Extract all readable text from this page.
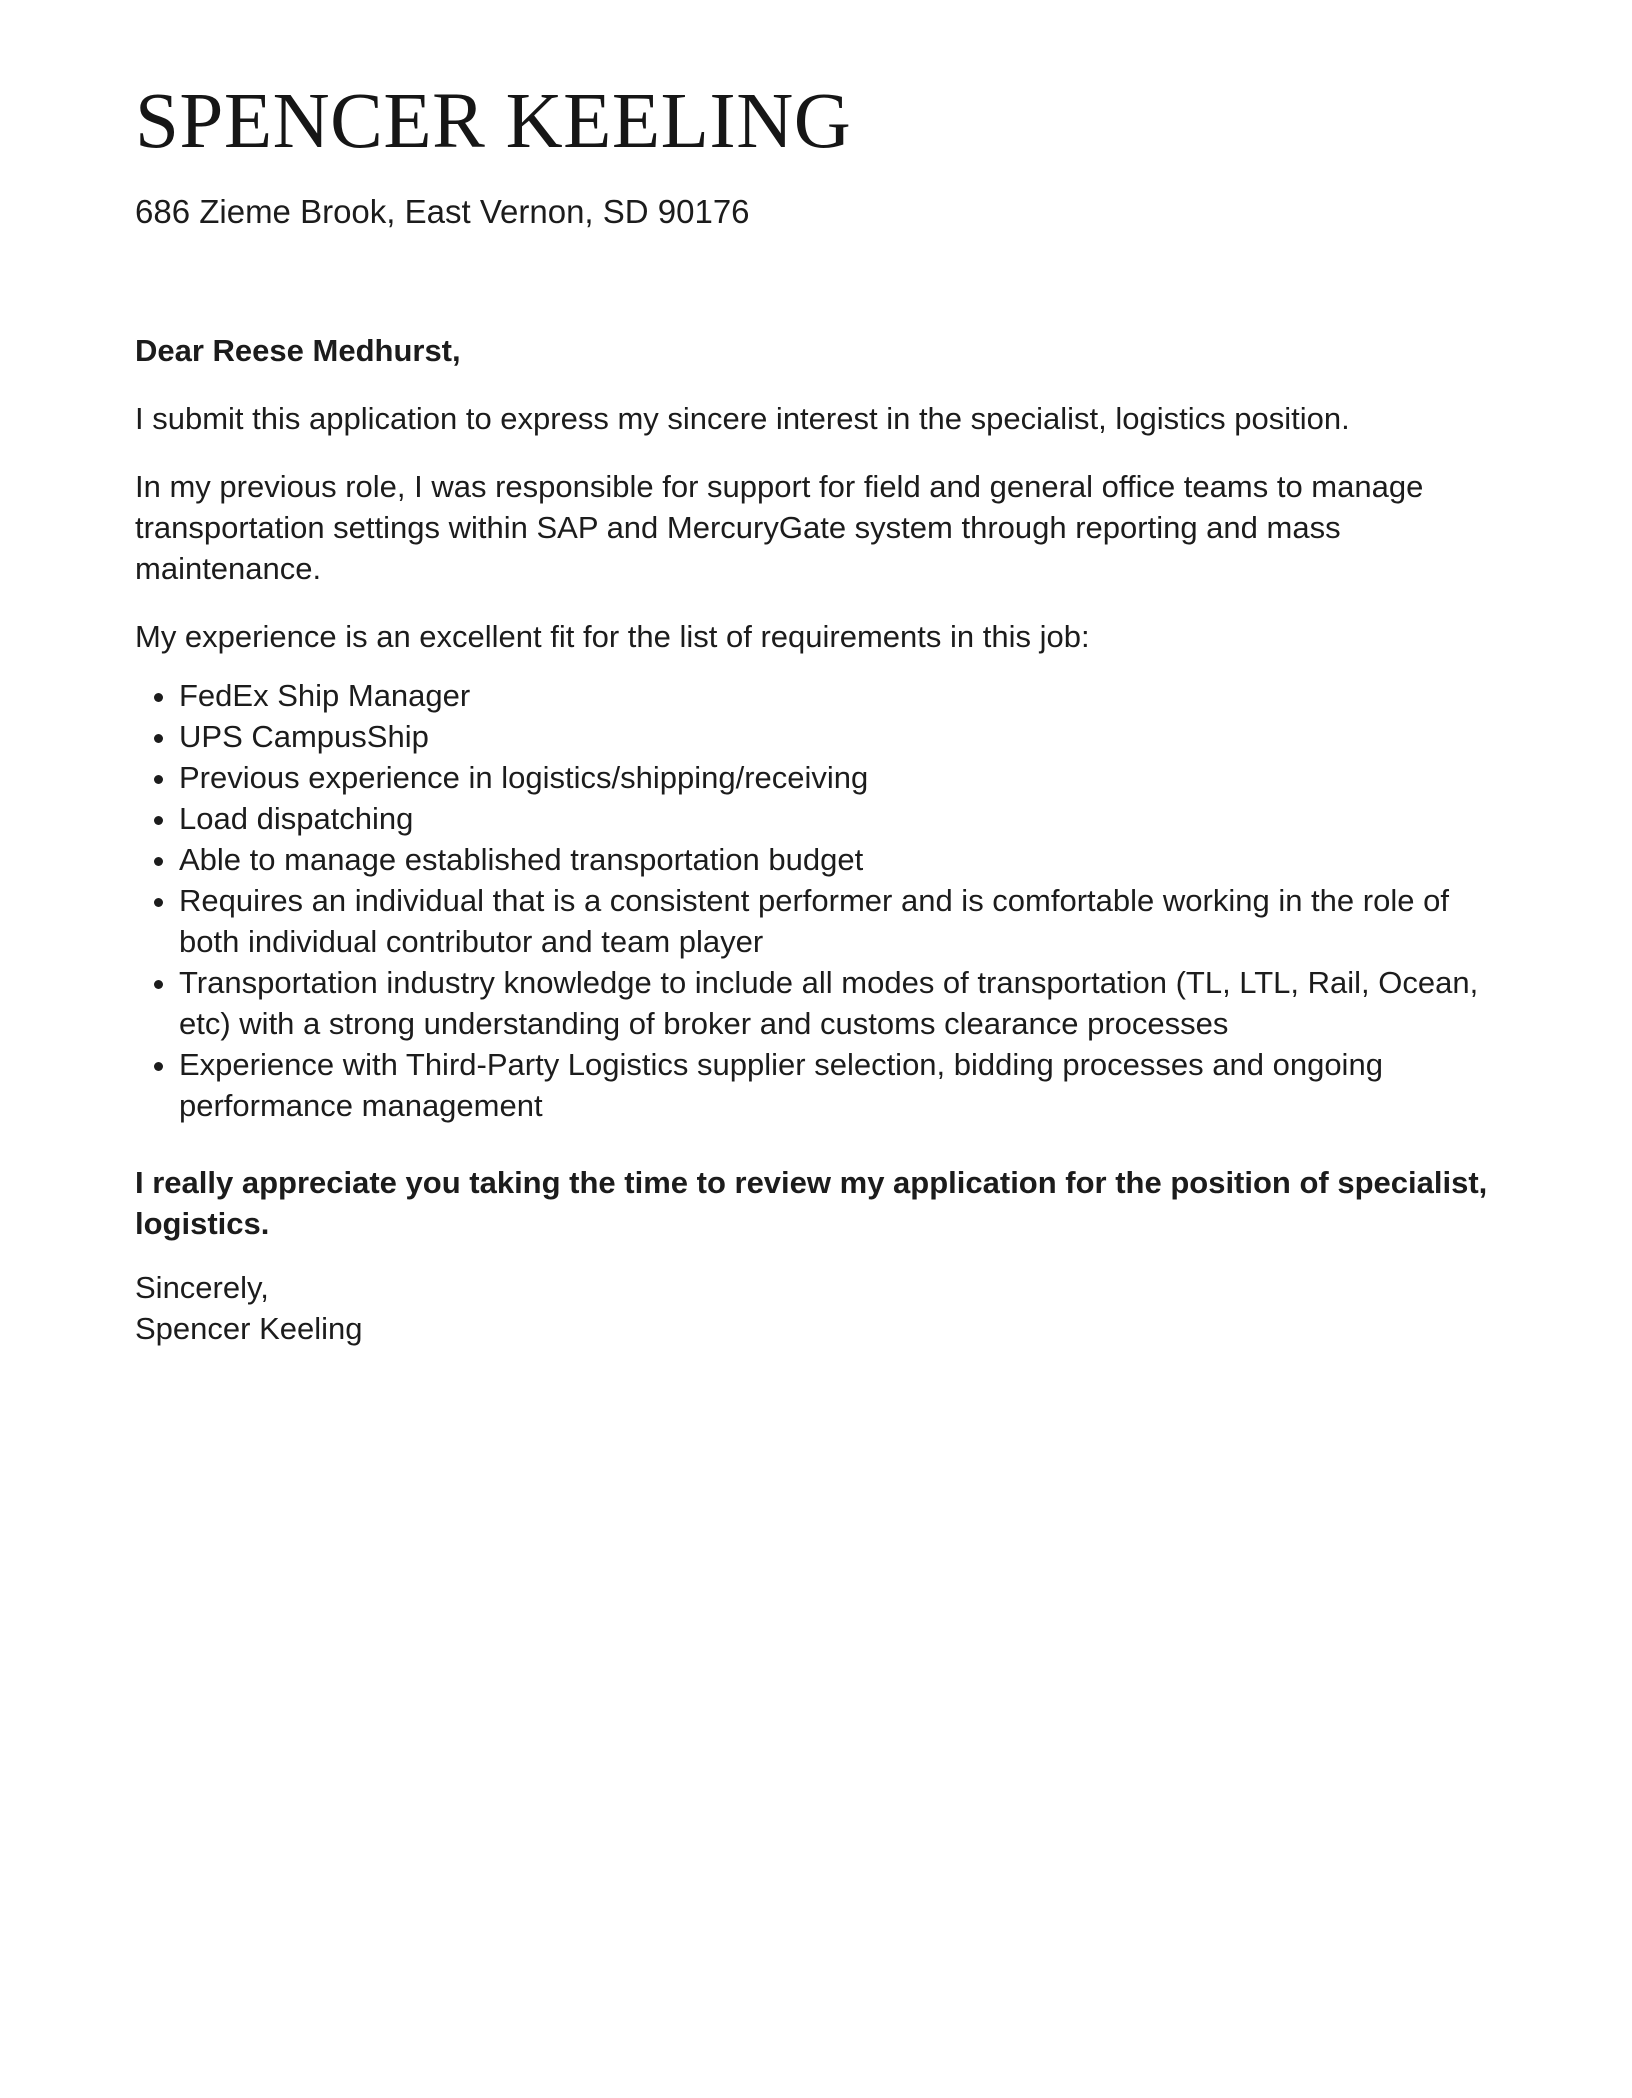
SPENCER KEELING
686 Zieme Brook, East Vernon, SD 90176

Dear Reese Medhurst,

I submit this application to express my sincere interest in the specialist, logistics position.

In my previous role, I was responsible for support for field and general office teams to manage transportation settings within SAP and MercuryGate system through reporting and mass maintenance.

My experience is an excellent fit for the list of requirements in this job:

• FedEx Ship Manager
• UPS CampusShip
• Previous experience in logistics/shipping/receiving
• Load dispatching
• Able to manage established transportation budget
• Requires an individual that is a consistent performer and is comfortable working in the role of both individual contributor and team player
• Transportation industry knowledge to include all modes of transportation (TL, LTL, Rail, Ocean, etc) with a strong understanding of broker and customs clearance processes
• Experience with Third-Party Logistics supplier selection, bidding processes and ongoing performance management

I really appreciate you taking the time to review my application for the position of specialist, logistics.

Sincerely,
Spencer Keeling
